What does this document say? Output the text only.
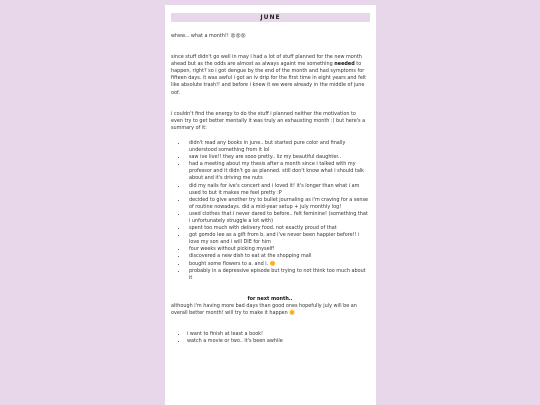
JUNE

whew... what a month!! 😵😵😵

since stuff didn't go well in may i had a lot of stuff planned for the new month ahead but as the odds are almost as always againt me something needed to happen, right? so i got dengue by the end of the month and had symptoms for fifteen days. it was awful i got an iv drip for the first time in eight years and felt like absolute trash!! and before i knew it we were already in the middle of june oof.

i couldn't find the energy to do the stuff i planned neither the motivation to even try to get better mentally it was truly an exhausting month :( but here's a summary of it:

• didn't read any books in june.. but started pure color and finally understood something from it lol
• saw ive live!! they are sooo pretty.. liz my beautiful daughter..
• had a meeting about my thesis after a month since i talked with my professor and it didn't go as planned. still don't know what i should talk about and it's driving me nuts
• did my nails for ive's concert and i loved it! it's longer than what i am used to but it makes me feel pretty :P
• decided to give another try to bullet journaling as i'm craving for a sense of routine nowadays. did a mid-year setup + july monthly log!
• used clothes that i never dared to before.. felt feminine! (something that i unfortunately struggle a lot with)
• spent too much with delivery food. not exactly proud of that
• got gomdo lee as a gift from b. and i've never been happier before!! i love my son and i will DIE for him
• four weeks without picking myself!
• discovered a new dish to eat at the shopping mall
• bought some flowers to a. and i. 🌼
• probably in a depressive episode but trying to not think too much about it

for next month..

although i'm having more bad days than good ones hopefully july will be an overall better month! will try to make it happen 🌼

• i want to finish at least a book!
• watch a movie or two.. it's been awhile
